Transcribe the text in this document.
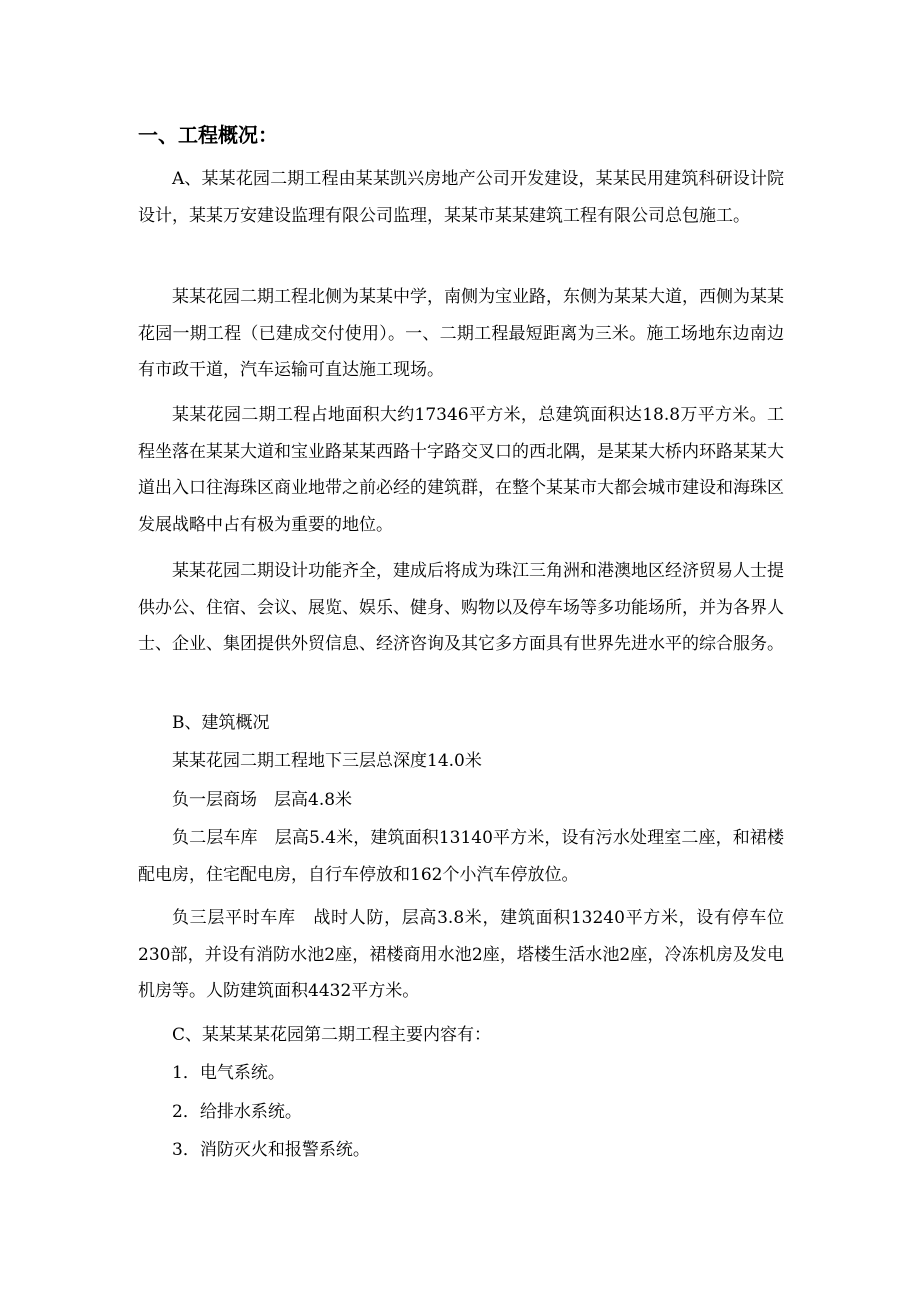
一、工程概况：

A、某某花园二期工程由某某凯兴房地产公司开发建设，某某民用建筑科研设计院设计，某某万安建设监理有限公司监理，某某市某某建筑工程有限公司总包施工。

某某花园二期工程北侧为某某中学，南侧为宝业路，东侧为某某大道，西侧为某某花园一期工程（已建成交付使用）。一、二期工程最短距离为三米。施工场地东边南边有市政干道，汽车运输可直达施工现场。

某某花园二期工程占地面积大约17346平方米，总建筑面积达18.8万平方米。工程坐落在某某大道和宝业路某某西路十字路交叉口的西北隅，是某某大桥内环路某某大道出入口往海珠区商业地带之前必经的建筑群，在整个某某市大都会城市建设和海珠区发展战略中占有极为重要的地位。

某某花园二期设计功能齐全，建成后将成为珠江三角洲和港澳地区经济贸易人士提供办公、住宿、会议、展览、娱乐、健身、购物以及停车场等多功能场所，并为各界人士、企业、集团提供外贸信息、经济咨询及其它多方面具有世界先进水平的综合服务。

B、建筑概况

某某花园二期工程地下三层总深度14.0米

负一层商场　层高4.8米

负二层车库　层高5.4米，建筑面积13140平方米，设有污水处理室二座，和裙楼配电房，住宅配电房，自行车停放和162个小汽车停放位。

负三层平时车库　战时人防，层高3.8米，建筑面积13240平方米，设有停车位230部，并设有消防水池2座，裙楼商用水池2座，塔楼生活水池2座，冷冻机房及发电机房等。人防建筑面积4432平方米。

C、某某某某花园第二期工程主要内容有：

1．电气系统。

2．给排水系统。

3．消防灭火和报警系统。
